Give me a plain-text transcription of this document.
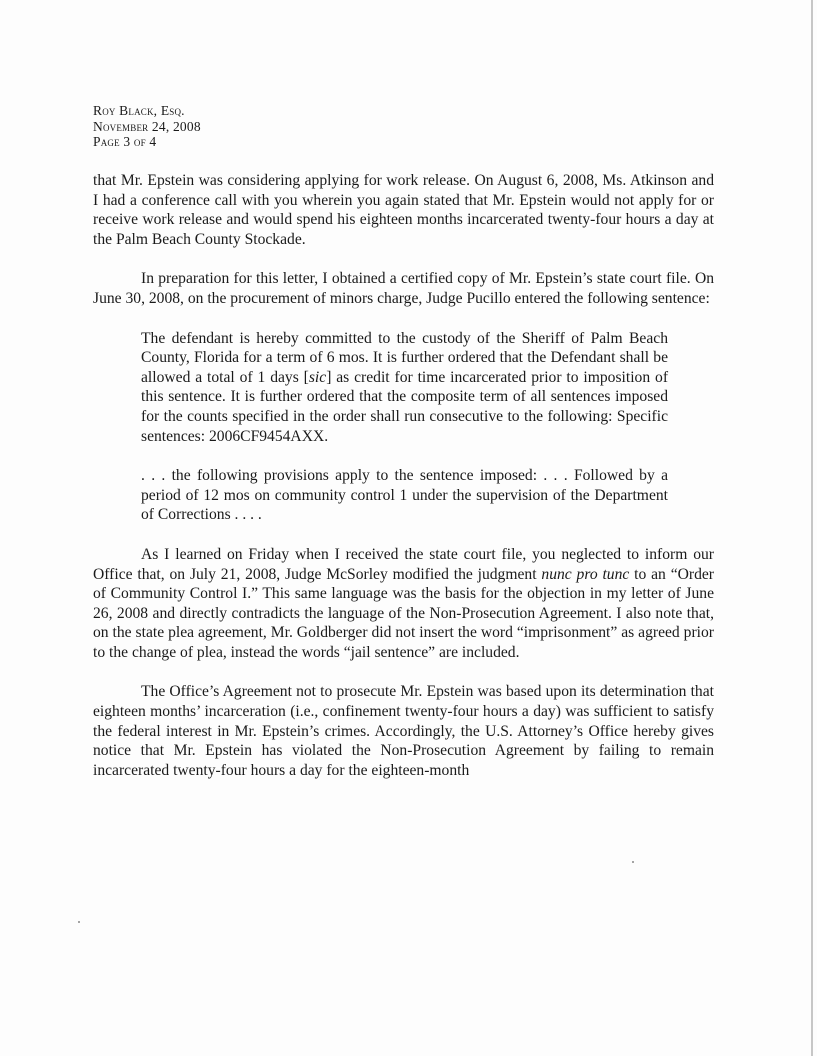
Roy Black, Esq.
November 24, 2008
Page 3 of 4

that Mr. Epstein was considering applying for work release. On August 6, 2008, Ms. Atkinson and I had a conference call with you wherein you again stated that Mr. Epstein would not apply for or receive work release and would spend his eighteen months incarcerated twenty-four hours a day at the Palm Beach County Stockade.

In preparation for this letter, I obtained a certified copy of Mr. Epstein’s state court file. On June 30, 2008, on the procurement of minors charge, Judge Pucillo entered the following sentence:

The defendant is hereby committed to the custody of the Sheriff of Palm Beach County, Florida for a term of 6 mos. It is further ordered that the Defendant shall be allowed a total of 1 days [sic] as credit for time incarcerated prior to imposition of this sentence. It is further ordered that the composite term of all sentences imposed for the counts specified in the order shall run consecutive to the following: Specific sentences: 2006CF9454AXX.

. . . the following provisions apply to the sentence imposed: . . . Followed by a period of 12 mos on community control 1 under the supervision of the Department of Corrections . . . .

As I learned on Friday when I received the state court file, you neglected to inform our Office that, on July 21, 2008, Judge McSorley modified the judgment nunc pro tunc to an “Order of Community Control I.” This same language was the basis for the objection in my letter of June 26, 2008 and directly contradicts the language of the Non-Prosecution Agreement. I also note that, on the state plea agreement, Mr. Goldberger did not insert the word “imprisonment” as agreed prior to the change of plea, instead the words “jail sentence” are included.

The Office’s Agreement not to prosecute Mr. Epstein was based upon its determination that eighteen months’ incarceration (i.e., confinement twenty-four hours a day) was sufficient to satisfy the federal interest in Mr. Epstein’s crimes. Accordingly, the U.S. Attorney’s Office hereby gives notice that Mr. Epstein has violated the Non-Prosecution Agreement by failing to remain incarcerated twenty-four hours a day for the eighteen-month
